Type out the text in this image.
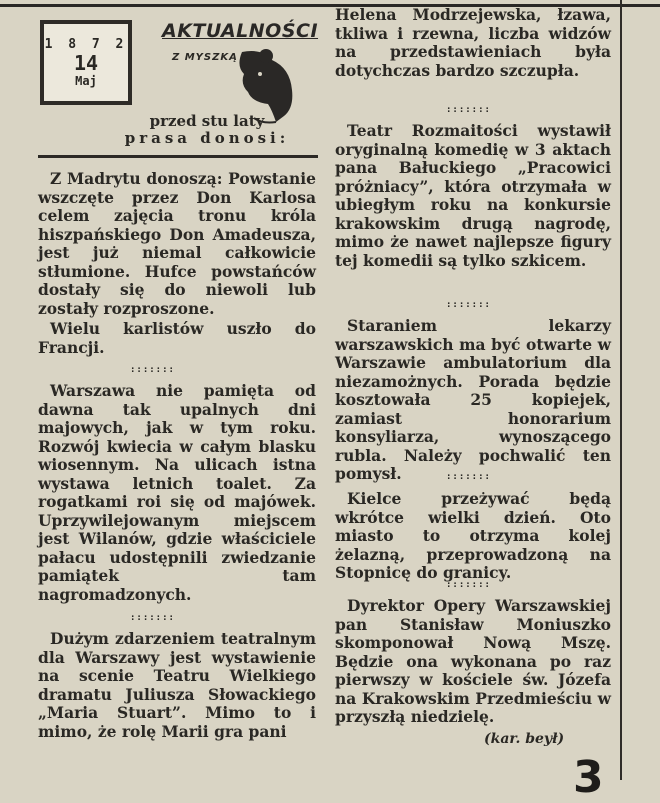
1 8 7 2
14
Maj
AKTUALNOŚCI
Z MYSZKĄ
przed stu laty
prasa donosi:

Z Madrytu donoszą: Powstanie wszczęte przez Don Karlosa celem zajęcia tronu króla hiszpańskiego Don Amadeusza, jest już niemal całkowicie stłumione. Hufce powstańców dostały się do niewoli lub zostały rozproszone.

Wielu karlistów uszło do Francji.

:::::::

Warszawa nie pamięta od dawna tak upalnych dni majowych, jak w tym roku. Rozwój kwiecia w całym blasku wiosennym. Na ulicach istna wystawa letnich toalet. Za rogatkami roi się od majówek. Uprzywilejowanym miejscem jest Wilanów, gdzie właściciele pałacu udostępnili zwiedzanie pamiątek tam nagromadzonych.

:::::::

Dużym zdarzeniem teatralnym dla Warszawy jest wystawienie na scenie Teatru Wielkiego dramatu Juliusza Słowackiego „Maria Stuart”. Mimo to i mimo, że rolę Marii gra pani

Helena Modrzejewska, łzawa, tkliwa i rzewna, liczba widzów na przedstawieniach była dotychczas bardzo szczupła.

:::::::

Teatr Rozmaitości wystawił oryginalną komedię w 3 aktach pana Bałuckiego „Pracowici próżniacy”, która otrzymała w ubiegłym roku na konkursie krakowskim drugą nagrodę, mimo że nawet najlepsze figury tej komedii są tylko szkicem.

:::::::

Staraniem lekarzy warszawskich ma być otwarte w Warszawie ambulatorium dla niezamożnych. Porada będzie kosztowała 25 kopiejek, zamiast honorarium konsyliarza, wynoszącego rubla. Należy pochwalić ten pomysł.	:::::::

Kielce przeżywać będą wkrótce wielki dzień. Oto miasto to otrzyma kolej żelazną, przeprowadzoną na Stopnicę do granicy.

:::::::

Dyrektor Opery Warszawskiej pan Stanisław Moniuszko skomponował Nową Mszę. Będzie ona wykonana po raz pierwszy w kościele św. Józefa na Krakowskim Przedmieściu w przyszłą niedzielę.

(kar. beył)
3
